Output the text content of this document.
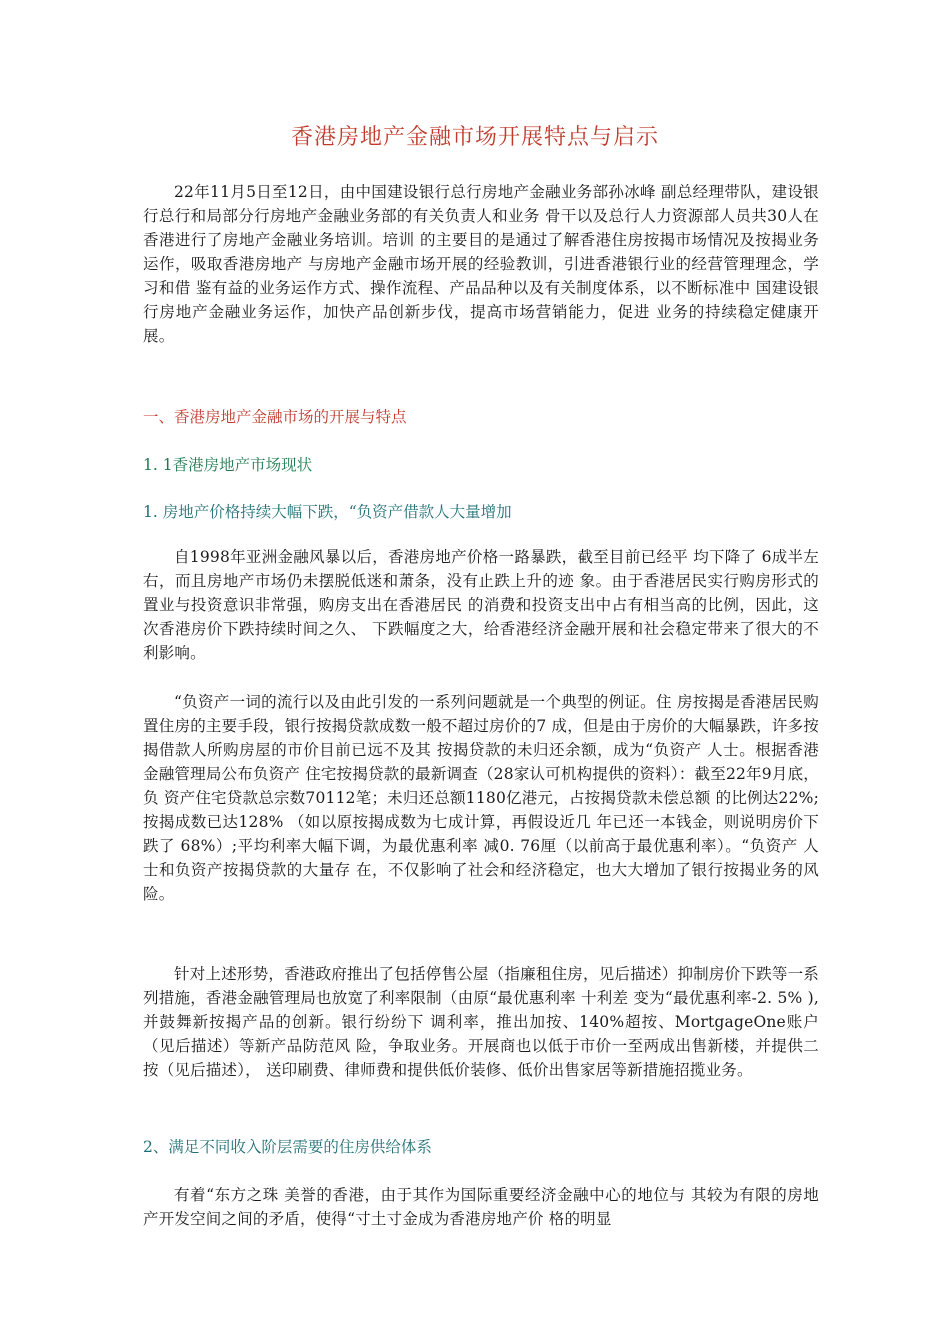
香港房地产金融市场开展特点与启示

22年11月5日至12日，由中国建设银行总行房地产金融业务部孙冰峰 副总经理带队，建设银行总行和局部分行房地产金融业务部的有关负责人和业务 骨干以及总行人力资源部人员共30人在香港进行了房地产金融业务培训。培训 的主要目的是通过了解香港住房按揭市场情况及按揭业务运作，吸取香港房地产 与房地产金融市场开展的经验教训，引进香港银行业的经营管理理念，学习和借 鉴有益的业务运作方式、操作流程、产品品种以及有关制度体系，以不断标准中 国建设银行房地产金融业务运作，加快产品创新步伐，提高市场营销能力，促进 业务的持续稳定健康开展。

一、香港房地产金融市场的开展与特点

1. 1香港房地产市场现状

1. 房地产价格持续大幅下跌，“负资产借款人大量增加

自1998年亚洲金融风暴以后，香港房地产价格一路暴跌，截至目前已经平 均下降了 6成半左右，而且房地产市场仍未摆脱低迷和萧条，没有止跌上升的迹 象。由于香港居民实行购房形式的置业与投资意识非常强，购房支出在香港居民 的消费和投资支出中占有相当高的比例，因此，这次香港房价下跌持续时间之久、 下跌幅度之大，给香港经济金融开展和社会稳定带来了很大的不利影响。

“负资产一词的流行以及由此引发的一系列问题就是一个典型的例证。住 房按揭是香港居民购置住房的主要手段，银行按揭贷款成数一般不超过房价的7 成，但是由于房价的大幅暴跌，许多按揭借款人所购房屋的市价目前已远不及其 按揭贷款的未归还余额，成为“负资产 人士。根据香港金融管理局公布负资产 住宅按揭贷款的最新调查（28家认可机构提供的资料）：截至22年9月底，负 资产住宅贷款总宗数70112笔；未归还总额1180亿港元，占按揭贷款未偿总额 的比例达22%;按揭成数已达128% （如以原按揭成数为七成计算，再假设近几 年已还一本钱金，则说明房价下跌了 68%）;平均利率大幅下调，为最优惠利率 减0. 76厘（以前高于最优惠利率）。“负资产 人士和负资产按揭贷款的大量存 在，不仅影响了社会和经济稳定，也大大增加了银行按揭业务的风险。

针对上述形势，香港政府推出了包括停售公屋（指廉租住房，见后描述）抑制房价下跌等一系列措施，香港金融管理局也放宽了利率限制（由原“最优惠利率 十利差 变为“最优惠利率-2. 5% ),并鼓舞新按揭产品的创新。银行纷纷下 调利率，推出加按、140%超按、MortgageOne账户（见后描述）等新产品防范风 险，争取业务。开展商也以低于市价一至两成出售新楼，并提供二按（见后描述）， 送印刷费、律师费和提供低价装修、低价出售家居等新措施招揽业务。

2、满足不同收入阶层需要的住房供给体系

有着“东方之珠 美誉的香港，由于其作为国际重要经济金融中心的地位与 其较为有限的房地产开发空间之间的矛盾，使得“寸土寸金成为香港房地产价 格的明显
